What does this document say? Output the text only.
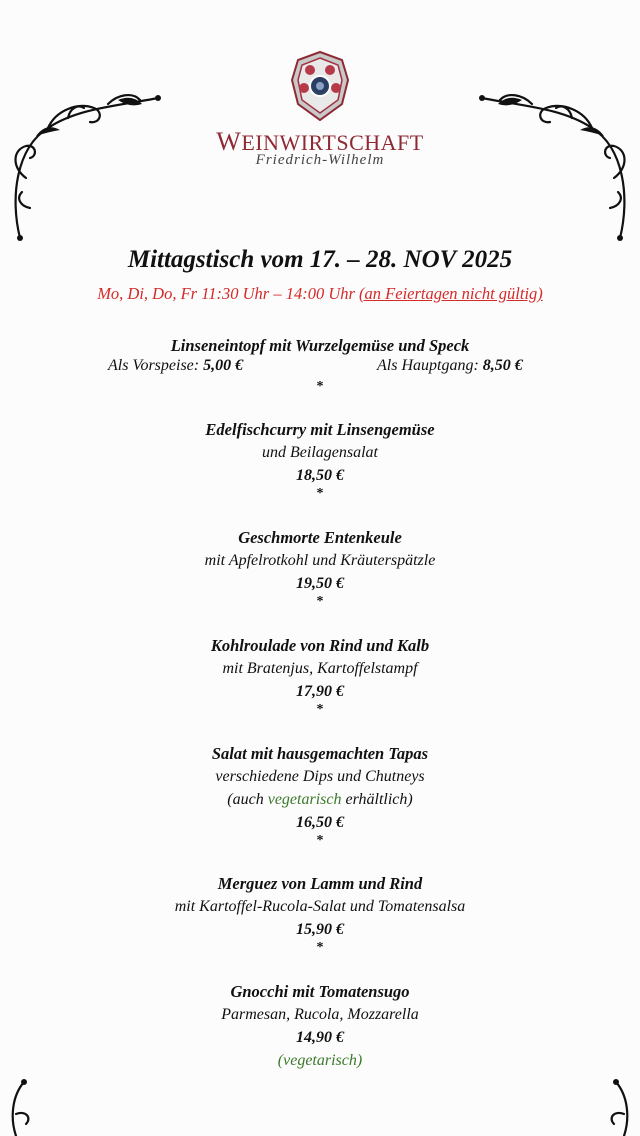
WEINWIRTSCHAFT
Friedrich-Wilhelm
Mittagstisch vom 17. – 28. NOV 2025
Mo, Di, Do, Fr 11:30 Uhr – 14:00 Uhr (an Feiertagen nicht gültig)
Linseneintopf mit Wurzelgemüse und Speck
Als Vorspeise: 5,00 €	Als Hauptgang: 8,50 €
*
Edelfischcurry mit Linsengemüse
und Beilagensalat
18,50 €
*
Geschmorte Entenkeule
mit Apfelrotkohl und Kräuterspätzle
19,50 €
*
Kohlroulade von Rind und Kalb
mit Bratenjus, Kartoffelstampf
17,90 €
*
Salat mit hausgemachten Tapas
verschiedene Dips und Chutneys
(auch vegetarisch erhältlich)
16,50 €
*
Merguez von Lamm und Rind
mit Kartoffel-Rucola-Salat und Tomatensalsa
15,90 €
*
Gnocchi mit Tomatensugo
Parmesan, Rucola, Mozzarella
14,90 €
(vegetarisch)
